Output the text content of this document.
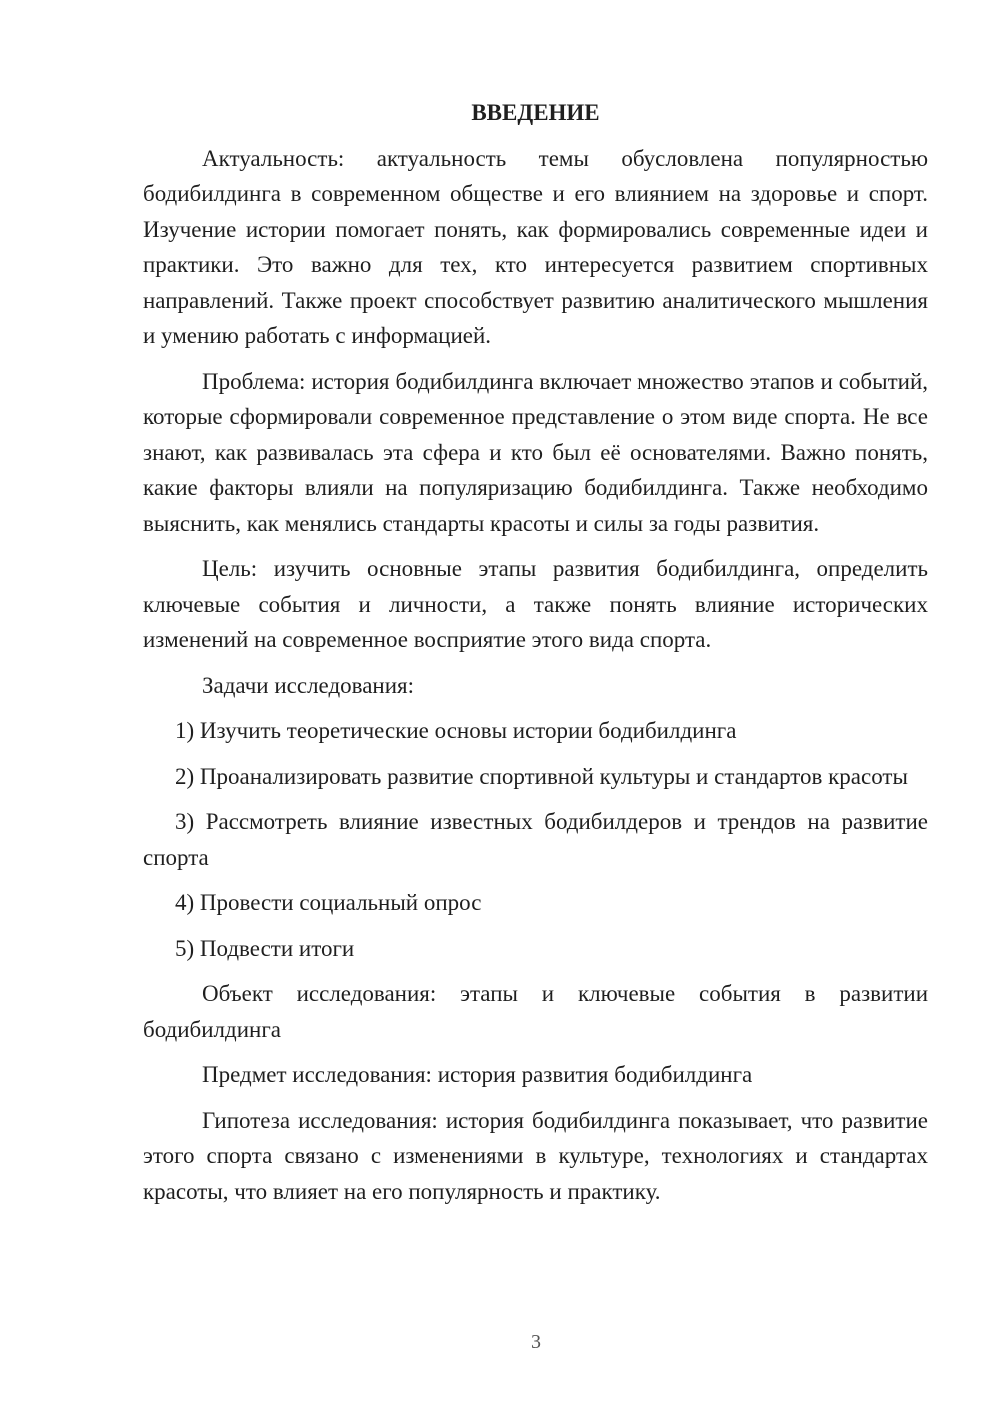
ВВЕДЕНИЕ

Актуальность: актуальность темы обусловлена популярностью бодибилдинга в современном обществе и его влиянием на здоровье и спорт. Изучение истории помогает понять, как формировались современные идеи и практики. Это важно для тех, кто интересуется развитием спортивных направлений. Также проект способствует развитию аналитического мышления и умению работать с информацией.

Проблема: история бодибилдинга включает множество этапов и событий, которые сформировали современное представление о этом виде спорта. Не все знают, как развивалась эта сфера и кто был её основателями. Важно понять, какие факторы влияли на популяризацию бодибилдинга. Также необходимо выяснить, как менялись стандарты красоты и силы за годы развития.

Цель: изучить основные этапы развития бодибилдинга, определить ключевые события и личности, а также понять влияние исторических изменений на современное восприятие этого вида спорта.

Задачи исследования:

1) Изучить теоретические основы истории бодибилдинга

2) Проанализировать развитие спортивной культуры и стандартов красоты

3) Рассмотреть влияние известных бодибилдеров и трендов на развитие спорта

4) Провести социальный опрос

5) Подвести итоги

Объект исследования: этапы и ключевые события в развитии бодибилдинга

Предмет исследования: история развития бодибилдинга

Гипотеза исследования: история бодибилдинга показывает, что развитие этого спорта связано с изменениями в культуре, технологиях и стандартах красоты, что влияет на его популярность и практику.

3
